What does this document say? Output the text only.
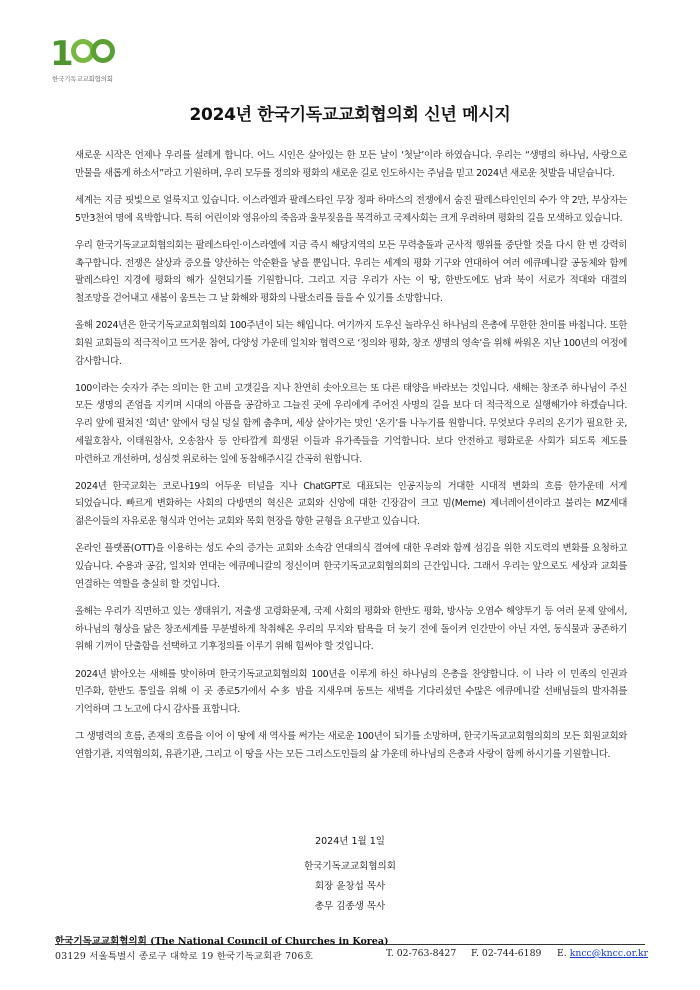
1
한국기독교교회협의회
2024년 한국기독교교회협의회 신년 메시지

새로운 시작은 언제나 우리를 설레게 합니다. 어느 시인은 살아있는 한 모든 날이 ‘첫날’이라 하였습니다. 우리는 “생명의 하나님, 사랑으로 만물을 새롭게 하소서”라고 기원하며, 우리 모두를 정의와 평화의 새로운 길로 인도하시는 주님을 믿고 2024년 새로운 첫발을 내딛습니다.

세계는 지금 핏빛으로 얼룩지고 있습니다. 이스라엘과 팔레스타인 무장 정파 하마스의 전쟁에서 숨진 팔레스타인인의 수가 약 2만, 부상자는 5만3천여 명에 육박합니다. 특히 어린이와 영유아의 죽음과 울부짖음을 목격하고 국제사회는 크게 우려하며 평화의 길을 모색하고 있습니다.

우리 한국기독교교회협의회는 팔레스타인·이스라엘에 지금 즉시 해당지역의 모든 무력충돌과 군사적 행위를 중단할 것을 다시 한 번 강력히 촉구합니다. 전쟁은 살상과 증오를 양산하는 악순환을 낳을 뿐입니다. 우리는 세계의 평화 기구와 연대하여 여러 에큐메니칼 공동체와 함께 팔레스타인 지경에 평화의 해가 실현되기를 기원합니다. 그리고 지금 우리가 사는 이 땅, 한반도에도 남과 북이 서로가 적대와 대결의 철조망을 걷어내고 새봄이 움트는 그 날 화해와 평화의 나팔소리를 들을 수 있기를 소망합니다.

올해 2024년은 한국기독교교회협의회 100주년이 되는 해입니다. 여기까지 도우신 놀라우신 하나님의 은총에 무한한 찬미를 바칩니다. 또한 회원 교회들의 적극적이고 뜨거운 참여, 다양성 가운데 일치와 협력으로 ‘정의와 평화, 창조 생명의 영속’을 위해 싸워온 지난 100년의 여정에 감사합니다.

100이라는 숫자가 주는 의미는 한 고비 고갯길을 지나 찬연히 솟아오르는 또 다른 태양을 바라보는 것입니다. 새해는 창조주 하나님이 주신 모든 생명의 존엄을 지키며 시대의 아픔을 공감하고 그늘진 곳에 우리에게 주어진 사명의 길을 보다 더 적극적으로 실행해가야 하겠습니다. 우리 앞에 펼쳐진 ‘희년’ 앞에서 덩실 덩실 함께 춤추며, 세상 살아가는 맛인 ‘온기’를 나누기를 원합니다. 무엇보다 우리의 온기가 필요한 곳, 세월호참사, 이태원참사, 오송참사 등 안타깝게 희생된 이들과 유가족들을 기억합니다. 보다 안전하고 평화로운 사회가 되도록 제도를 마련하고 개선하며, 성심껏 위로하는 일에 동참해주시길 간곡히 원합니다.

2024년 한국교회는 코로나19의 어두운 터널을 지나 ChatGPT로 대표되는 인공지능의 거대한 시대적 변화의 흐름 한가운데 서게 되었습니다. 빠르게 변화하는 사회의 다방면의 혁신은 교회와 신앙에 대한 긴장감이 크고 밈(Meme) 제너레이션이라고 불리는 MZ세대 젊은이들의 자유로운 형식과 언어는 교회와 목회 현장을 향한 균형을 요구받고 있습니다.

온라인 플랫폼(OTT)을 이용하는 성도 수의 증가는 교회와 소속감 연대의식 결여에 대한 우려와 함께 섬김을 위한 지도력의 변화를 요청하고 있습니다. 수용과 공감, 일치와 연대는 에큐메니칼의 정신이며 한국기독교교회협의회의 근간입니다. 그래서 우리는 앞으로도 세상과 교회를 연결하는 역할을 충실히 할 것입니다.

올해는 우리가 직면하고 있는 생태위기, 저출생 고령화문제, 국제 사회의 평화와 한반도 평화, 방사능 오염수 해양투기 등 여러 문제 앞에서, 하나님의 형상을 닮은 창조세계를 무분별하게 착취해온 우리의 무지와 탐욕을 더 늦기 전에 돌이켜 인간만이 아닌 자연, 동식물과 공존하기 위해 기꺼이 단출함을 선택하고 기후정의를 이루기 위해 힘써야 할 것입니다.

2024년 밝아오는 새해를 맞이하며 한국기독교교회협의회 100년을 이루게 하신 하나님의 은총을 찬양합니다. 이 나라 이 민족의 인권과 민주화, 한반도 통일을 위해 이 곳 종로5가에서 수多 밤을 지새우며 동트는 새벽을 기다리셨던 수많은 에큐메니칼 선배님들의 발자취를 기억하며 그 노고에 다시 감사를 표합니다.

그 생명력의 흐름, 존재의 흐름을 이어 이 땅에 새 역사를 써가는 새로운 100년이 되기를 소망하며, 한국기독교교회협의회의 모든 회원교회와 연합기관, 지역협의회, 유관기관, 그리고 이 땅을 사는 모든 그리스도인들의 삶 가운데 하나님의 은총과 사랑이 함께 하시기를 기원합니다.

2024년 1월 1일
한국기독교교회협의회
회장 윤창섭 목사
총무 김종생 목사
한국기독교교회협의회 (The National Council of Churches in Korea)
03129 서울특별시 종로구 대학로 19 한국기독교회관 706호	T. 02-763-8427 F. 02-744-6189 E. kncc@kncc.or.kr
